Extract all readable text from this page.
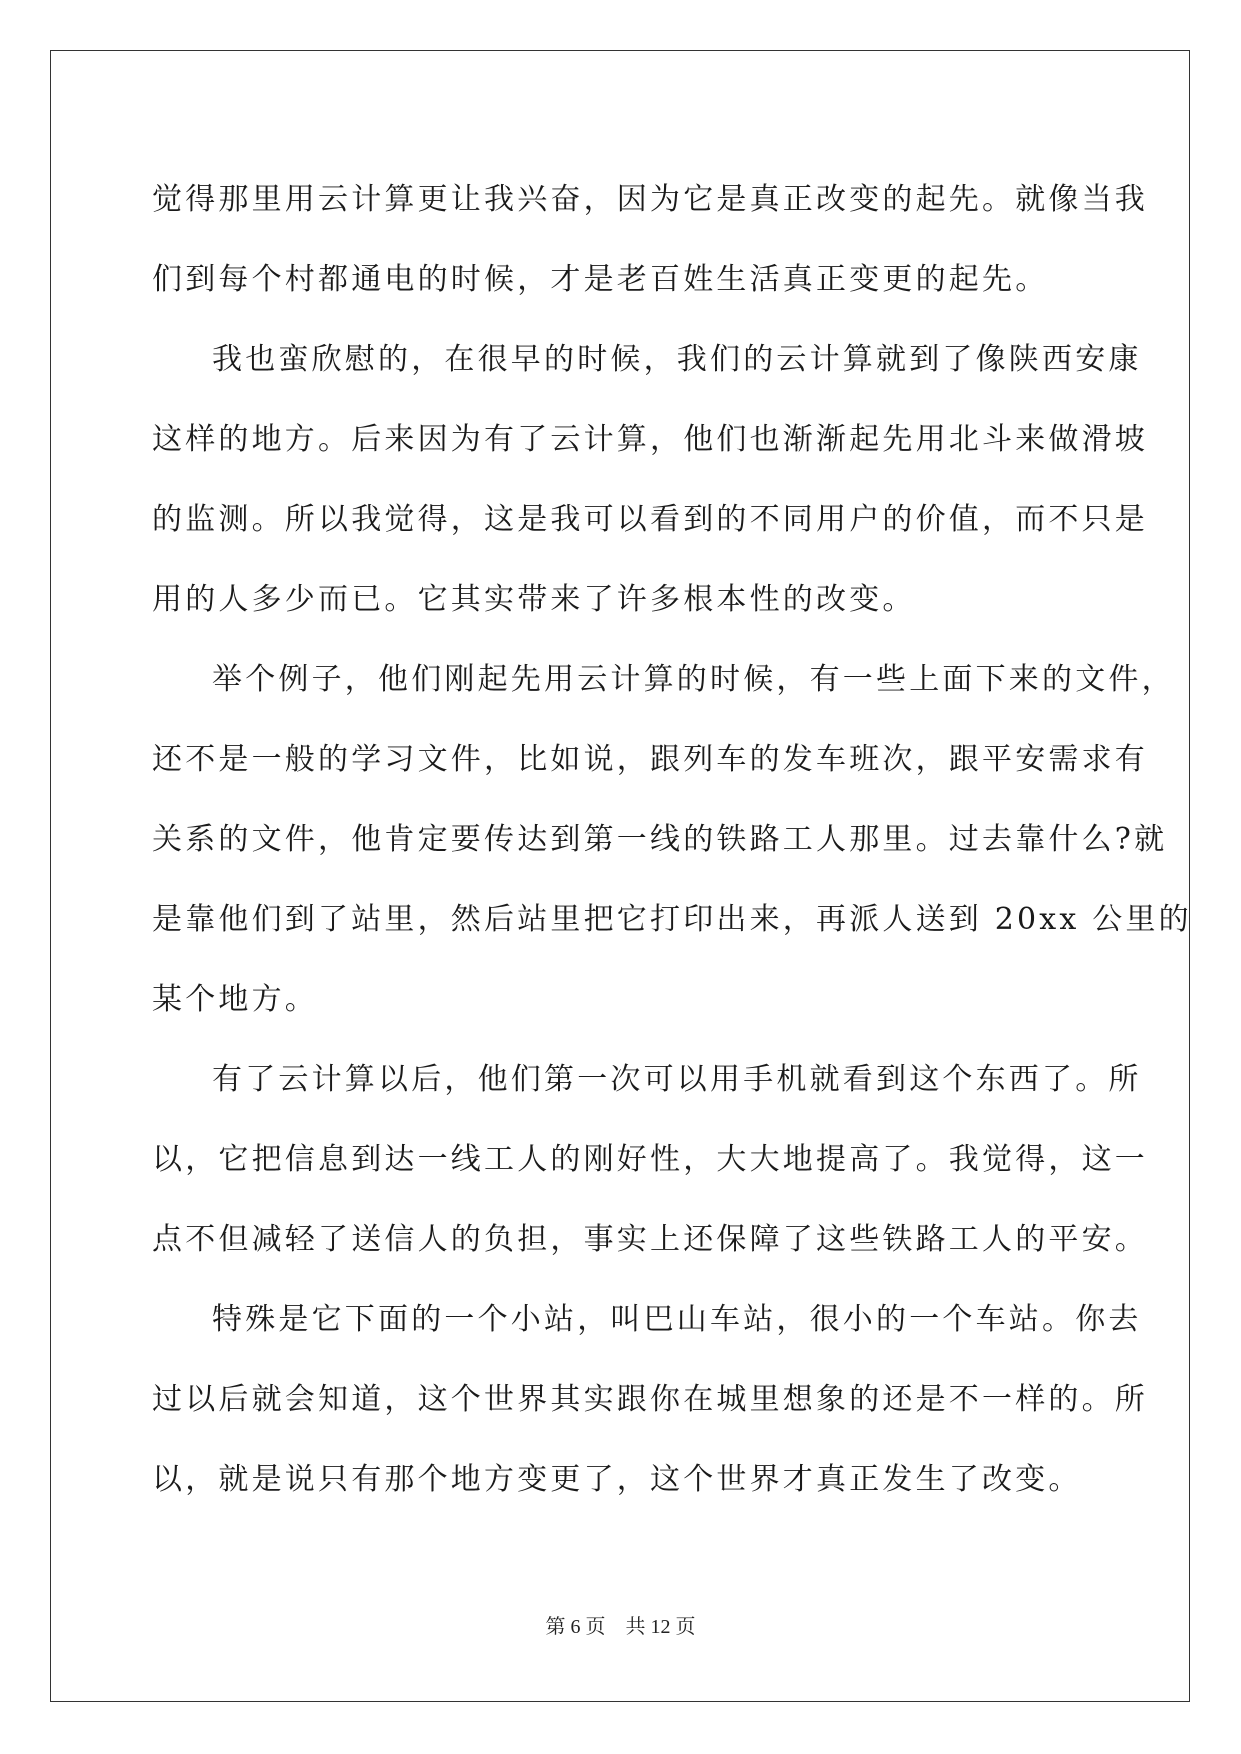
觉得那里用云计算更让我兴奋，因为它是真正改变的起先。就像当我
们到每个村都通电的时候，才是老百姓生活真正变更的起先。
我也蛮欣慰的，在很早的时候，我们的云计算就到了像陕西安康
这样的地方。后来因为有了云计算，他们也渐渐起先用北斗来做滑坡
的监测。所以我觉得，这是我可以看到的不同用户的价值，而不只是
用的人多少而已。它其实带来了许多根本性的改变。
举个例子，他们刚起先用云计算的时候，有一些上面下来的文件，
还不是一般的学习文件，比如说，跟列车的发车班次，跟平安需求有
关系的文件，他肯定要传达到第一线的铁路工人那里。过去靠什么?就
是靠他们到了站里，然后站里把它打印出来，再派人送到 20xx 公里的
某个地方。
有了云计算以后，他们第一次可以用手机就看到这个东西了。所
以，它把信息到达一线工人的刚好性，大大地提高了。我觉得，这一
点不但减轻了送信人的负担，事实上还保障了这些铁路工人的平安。
特殊是它下面的一个小站，叫巴山车站，很小的一个车站。你去
过以后就会知道，这个世界其实跟你在城里想象的还是不一样的。所
以，就是说只有那个地方变更了，这个世界才真正发生了改变。

第 6 页    共 12 页
